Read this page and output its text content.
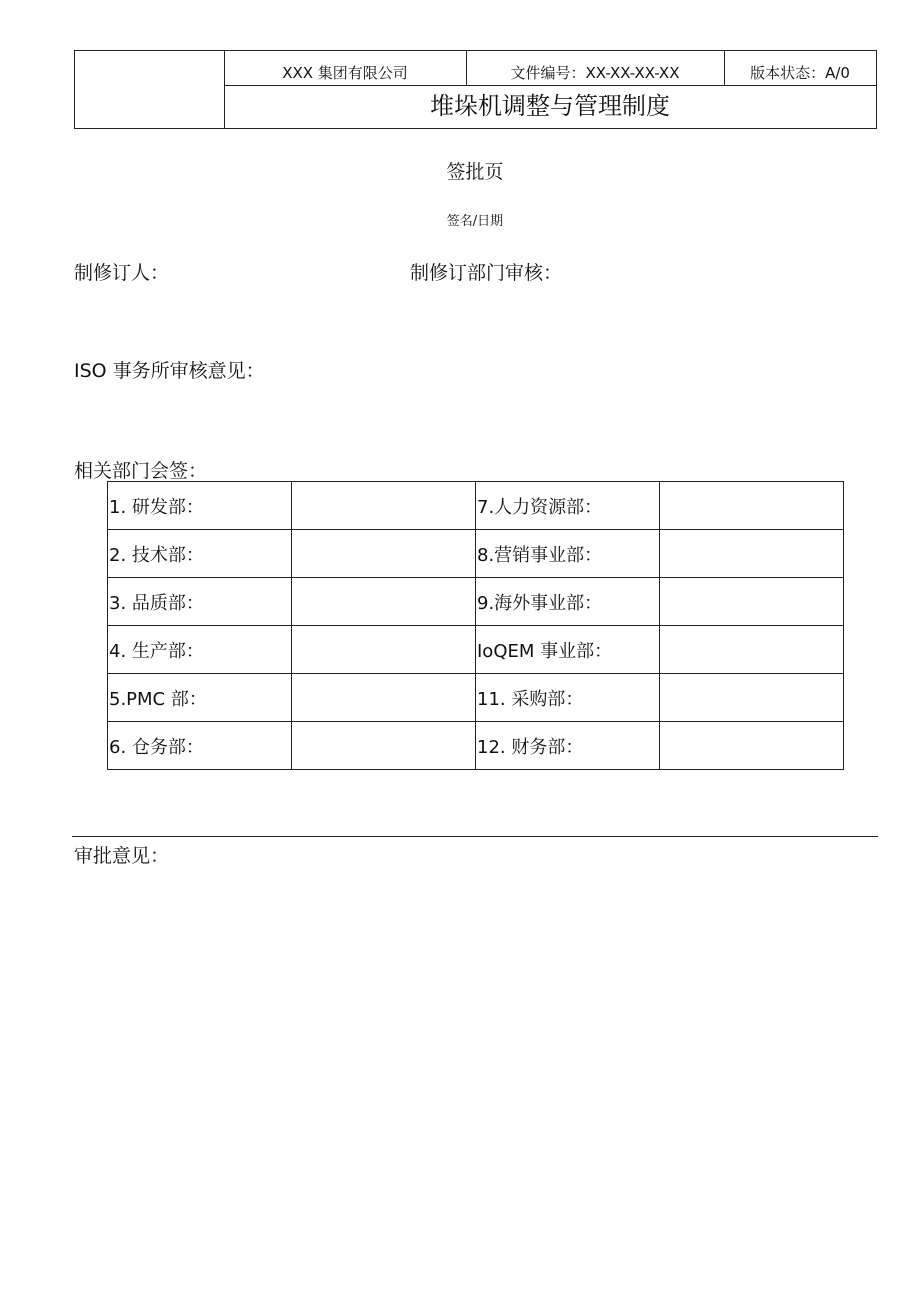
XXX 集团有限公司	文件编号：XX-XX-XX-XX	版本状态：A/0
堆垛机调整与管理制度
签批页
签名/日期
制修订人：	制修订部门审核：
ISO 事务所审核意见：
相关部门会签：
1. 研发部：		7.人力资源部：	
2. 技术部：		8.营销事业部：	
3. 品质部：		9.海外事业部：	
4. 生产部：		IoQEM 事业部：	
5.PMC 部：		11. 采购部：	
6. 仓务部：		12. 财务部：	
审批意见：
